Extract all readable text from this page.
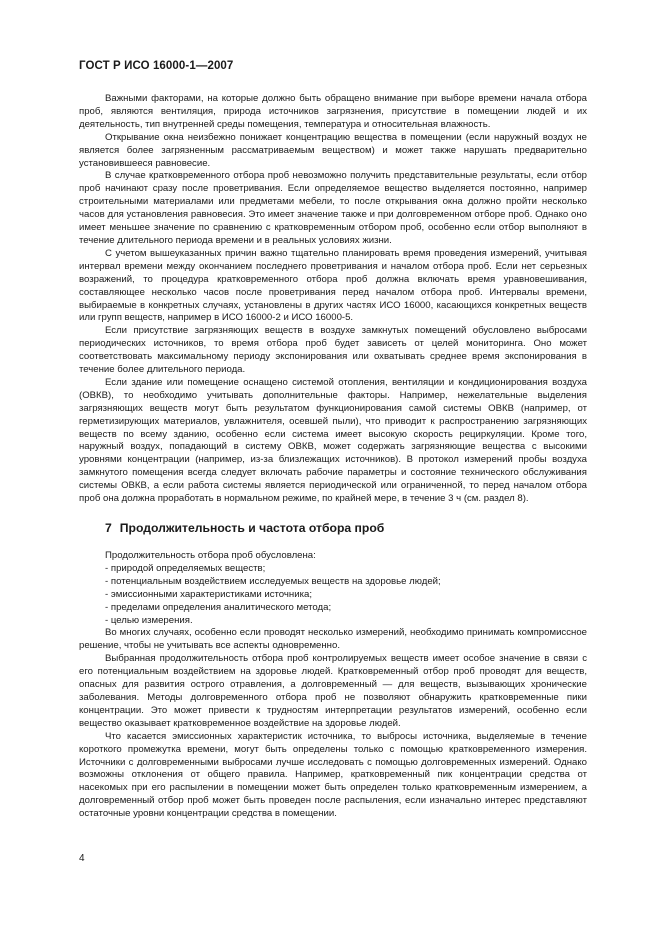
ГОСТ Р ИСО 16000-1—2007

Важными факторами, на которые должно быть обращено внимание при выборе времени начала отбора проб, являются вентиляция, природа источников загрязнения, присутствие в помещении людей и их деятельность, тип внутренней среды помещения, температура и относительная влажность.

Открывание окна неизбежно понижает концентрацию вещества в помещении (если наружный воздух не является более загрязненным рассматриваемым веществом) и может также нарушать предварительно установившееся равновесие.

В случае кратковременного отбора проб невозможно получить представительные результаты, если отбор проб начинают сразу после проветривания. Если определяемое вещество выделяется постоянно, например строительными материалами или предметами мебели, то после открывания окна должно пройти несколько часов для установления равновесия. Это имеет значение также и при долговременном отборе проб. Однако оно имеет меньшее значение по сравнению с кратковременным отбором проб, особенно если отбор выполняют в течение длительного периода времени и в реальных условиях жизни.

С учетом вышеуказанных причин важно тщательно планировать время проведения измерений, учитывая интервал времени между окончанием последнего проветривания и началом отбора проб. Если нет серьезных возражений, то процедура кратковременного отбора проб должна включать время уравновешивания, составляющее несколько часов после проветривания перед началом отбора проб. Интервалы времени, выбираемые в конкретных случаях, установлены в других частях ИСО 16000, касающихся конкретных веществ или групп веществ, например в ИСО 16000-2 и ИСО 16000-5.

Если присутствие загрязняющих веществ в воздухе замкнутых помещений обусловлено выбросами периодических источников, то время отбора проб будет зависеть от целей мониторинга. Оно может соответствовать максимальному периоду экспонирования или охватывать среднее время экспонирования в течение более длительного периода.

Если здание или помещение оснащено системой отопления, вентиляции и кондиционирования воздуха (ОВКВ), то необходимо учитывать дополнительные факторы. Например, нежелательные выделения загрязняющих веществ могут быть результатом функционирования самой системы ОВКВ (например, от герметизирующих материалов, увлажнителя, осевшей пыли), что приводит к распространению загрязняющих веществ по всему зданию, особенно если система имеет высокую скорость рециркуляции. Кроме того, наружный воздух, попадающий в систему ОВКВ, может содержать загрязняющие вещества с высокими уровнями концентрации (например, из-за близлежащих источников). В протокол измерений пробы воздуха замкнутого помещения всегда следует включать рабочие параметры и состояние технического обслуживания системы ОВКВ, а если работа системы является периодической или ограниченной, то перед началом отбора проб она должна проработать в нормальном режиме, по крайней мере, в течение 3 ч (см. раздел 8).

7 Продолжительность и частота отбора проб

Продолжительность отбора проб обусловлена:

- природой определяемых веществ;
- потенциальным воздействием исследуемых веществ на здоровье людей;
- эмиссионными характеристиками источника;
- пределами определения аналитического метода;
- целью измерения.

Во многих случаях, особенно если проводят несколько измерений, необходимо принимать компромиссное решение, чтобы не учитывать все аспекты одновременно.

Выбранная продолжительность отбора проб контролируемых веществ имеет особое значение в связи с его потенциальным воздействием на здоровье людей. Кратковременный отбор проб проводят для веществ, опасных для развития острого отравления, а долговременный — для веществ, вызывающих хронические заболевания. Методы долговременного отбора проб не позволяют обнаружить кратковременные пики концентрации. Это может привести к трудностям интерпретации результатов измерений, особенно если вещество оказывает кратковременное воздействие на здоровье людей.

Что касается эмиссионных характеристик источника, то выбросы источника, выделяемые в течение короткого промежутка времени, могут быть определены только с помощью кратковременного измерения. Источники с долговременными выбросами лучше исследовать с помощью долговременных измерений. Однако возможны отклонения от общего правила. Например, кратковременный пик концентрации средства от насекомых при его распылении в помещении может быть определен только кратковременным измерением, а долговременный отбор проб может быть проведен после распыления, если изначально интерес представляют остаточные уровни концентрации средства в помещении.

4
